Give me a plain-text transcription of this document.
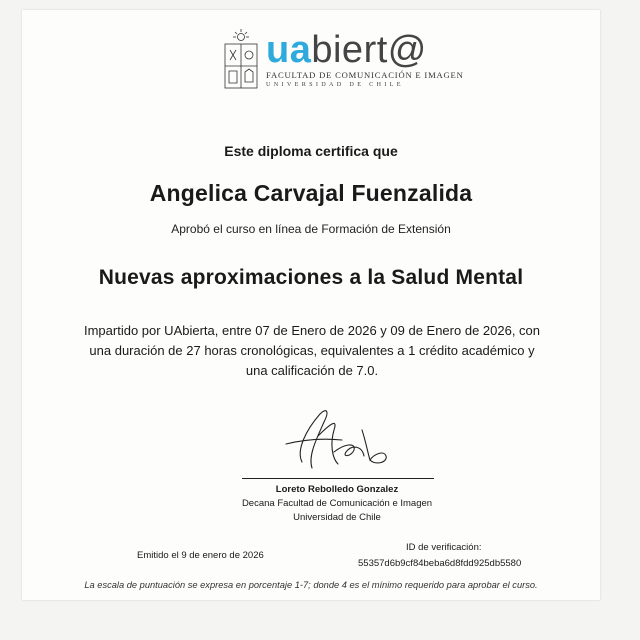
uabiert@
FACULTAD DE COMUNICACIÓN E IMAGEN
UNIVERSIDAD DE CHILE
Este diploma certifica que
Angelica Carvajal Fuenzalida
Aprobó el curso en línea de Formación de Extensión
Nuevas aproximaciones a la Salud Mental
Impartido por UAbierta, entre 07 de Enero de 2026 y 09 de Enero de 2026, con una duración de 27 horas cronológicas, equivalentes a 1 crédito académico y una calificación de 7.0.
Loreto Rebolledo Gonzalez
Decana Facultad de Comunicación e Imagen
Universidad de Chile
Emitido el 9 de enero de 2026
ID de verificación:
55357d6b9cf84beba6d8fdd925db5580
La escala de puntuación se expresa en porcentaje 1-7; donde 4 es el mínimo requerido para aprobar el curso.
